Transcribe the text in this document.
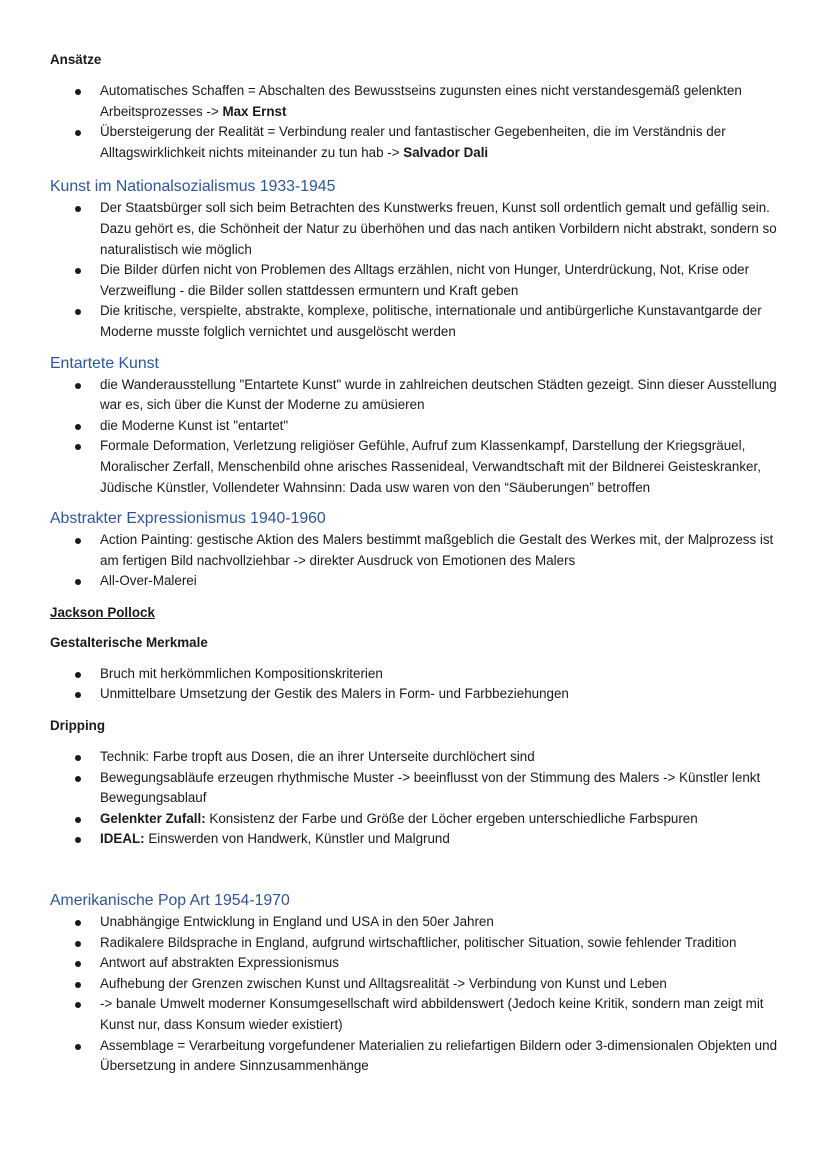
Ansätze

Automatisches Schaffen = Abschalten des Bewusstseins zugunsten eines nicht verstandesgemäß gelenkten Arbeitsprozesses -> Max Ernst
Übersteigerung der Realität = Verbindung realer und fantastischer Gegebenheiten, die im Verständnis der Alltagswirklichkeit nichts miteinander zu tun hab -> Salvador Dali
Kunst im Nationalsozialismus 1933-1945
Der Staatsbürger soll sich beim Betrachten des Kunstwerks freuen, Kunst soll ordentlich gemalt und gefällig sein. Dazu gehört es, die Schönheit der Natur zu überhöhen und das nach antiken Vorbildern nicht abstrakt, sondern so naturalistisch wie möglich
Die Bilder dürfen nicht von Problemen des Alltags erzählen, nicht von Hunger, Unterdrückung, Not, Krise oder Verzweiflung - die Bilder sollen stattdessen ermuntern und Kraft geben
Die kritische, verspielte, abstrakte, komplexe, politische, internationale und antibürgerliche Kunstavantgarde der Moderne musste folglich vernichtet und ausgelöscht werden
Entartete Kunst
die Wanderausstellung "Entartete Kunst" wurde in zahlreichen deutschen Städten gezeigt. Sinn dieser Ausstellung war es, sich über die Kunst der Moderne zu amüsieren
die Moderne Kunst ist "entartet"
Formale Deformation, Verletzung religiöser Gefühle, Aufruf zum Klassenkampf, Darstellung der Kriegsgräuel, Moralischer Zerfall, Menschenbild ohne arisches Rassenideal, Verwandtschaft mit der Bildnerei Geisteskranker, Jüdische Künstler, Vollendeter Wahnsinn: Dada usw waren von den “Säuberungen” betroffen
Abstrakter Expressionismus 1940-1960
Action Painting: gestische Aktion des Malers bestimmt maßgeblich die Gestalt des Werkes mit, der Malprozess ist am fertigen Bild nachvollziehbar -> direkter Ausdruck von Emotionen des Malers
All-Over-Malerei

Jackson Pollock

Gestalterische Merkmale

Bruch mit herkömmlichen Kompositionskriterien
Unmittelbare Umsetzung der Gestik des Malers in Form- und Farbbeziehungen

Dripping

Technik: Farbe tropft aus Dosen, die an ihrer Unterseite durchlöchert sind
Bewegungsabläufe erzeugen rhythmische Muster -> beeinflusst von der Stimmung des Malers -> Künstler lenkt Bewegungsablauf
Gelenkter Zufall: Konsistenz der Farbe und Größe der Löcher ergeben unterschiedliche Farbspuren
IDEAL: Einswerden von Handwerk, Künstler und Malgrund
Amerikanische Pop Art 1954-1970
Unabhängige Entwicklung in England und USA in den 50er Jahren
Radikalere Bildsprache in England, aufgrund wirtschaftlicher, politischer Situation, sowie fehlender Tradition
Antwort auf abstrakten Expressionismus
Aufhebung der Grenzen zwischen Kunst und Alltagsrealität -> Verbindung von Kunst und Leben
-> banale Umwelt moderner Konsumgesellschaft wird abbildenswert (Jedoch keine Kritik, sondern man zeigt mit Kunst nur, dass Konsum wieder existiert)
Assemblage = Verarbeitung vorgefundener Materialien zu reliefartigen Bildern oder 3-dimensionalen Objekten und Übersetzung in andere Sinnzusammenhänge
